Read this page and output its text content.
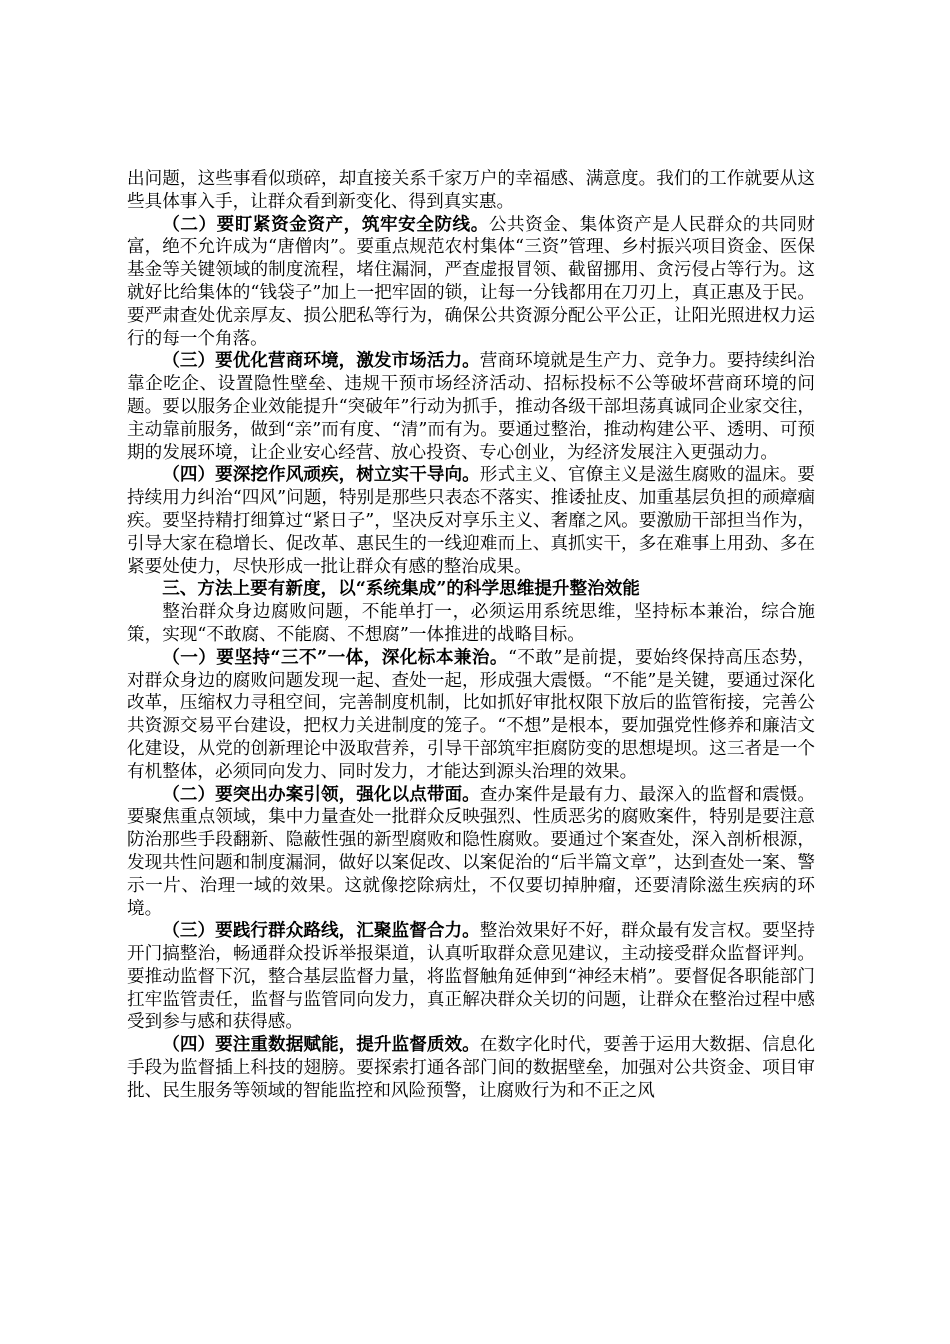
出问题，这些事看似琐碎，却直接关系千家万户的幸福感、满意度。我们的工作就要从这些具体事入手，让群众看到新变化、得到真实惠。

（二）要盯紧资金资产，筑牢安全防线。公共资金、集体资产是人民群众的共同财富，绝不允许成为“唐僧肉”。要重点规范农村集体“三资”管理、乡村振兴项目资金、医保基金等关键领域的制度流程，堵住漏洞，严查虚报冒领、截留挪用、贪污侵占等行为。这就好比给集体的“钱袋子”加上一把牢固的锁，让每一分钱都用在刀刃上，真正惠及于民。要严肃查处优亲厚友、损公肥私等行为，确保公共资源分配公平公正，让阳光照进权力运行的每一个角落。

（三）要优化营商环境，激发市场活力。营商环境就是生产力、竞争力。要持续纠治靠企吃企、设置隐性壁垒、违规干预市场经济活动、招标投标不公等破坏营商环境的问题。要以服务企业效能提升“突破年”行动为抓手，推动各级干部坦荡真诚同企业家交往，主动靠前服务，做到“亲”而有度、“清”而有为。要通过整治，推动构建公平、透明、可预期的发展环境，让企业安心经营、放心投资、专心创业，为经济发展注入更强动力。

（四）要深挖作风顽疾，树立实干导向。形式主义、官僚主义是滋生腐败的温床。要持续用力纠治“四风”问题，特别是那些只表态不落实、推诿扯皮、加重基层负担的顽瘴痼疾。要坚持精打细算过“紧日子”，坚决反对享乐主义、奢靡之风。要激励干部担当作为，引导大家在稳增长、促改革、惠民生的一线迎难而上、真抓实干，多在难事上用劲、多在紧要处使力，尽快形成一批让群众有感的整治成果。

三、方法上要有新度，以“系统集成”的科学思维提升整治效能

整治群众身边腐败问题，不能单打一，必须运用系统思维，坚持标本兼治，综合施策，实现“不敢腐、不能腐、不想腐”一体推进的战略目标。

（一）要坚持“三不”一体，深化标本兼治。“不敢”是前提，要始终保持高压态势，对群众身边的腐败问题发现一起、查处一起，形成强大震慑。“不能”是关键，要通过深化改革，压缩权力寻租空间，完善制度机制，比如抓好审批权限下放后的监管衔接，完善公共资源交易平台建设，把权力关进制度的笼子。“不想”是根本，要加强党性修养和廉洁文化建设，从党的创新理论中汲取营养，引导干部筑牢拒腐防变的思想堤坝。这三者是一个有机整体，必须同向发力、同时发力，才能达到源头治理的效果。

（二）要突出办案引领，强化以点带面。查办案件是最有力、最深入的监督和震慑。要聚焦重点领域，集中力量查处一批群众反映强烈、性质恶劣的腐败案件，特别是要注意防治那些手段翻新、隐蔽性强的新型腐败和隐性腐败。要通过个案查处，深入剖析根源，发现共性问题和制度漏洞，做好以案促改、以案促治的“后半篇文章”，达到查处一案、警示一片、治理一域的效果。这就像挖除病灶，不仅要切掉肿瘤，还要清除滋生疾病的环境。

（三）要践行群众路线，汇聚监督合力。整治效果好不好，群众最有发言权。要坚持开门搞整治，畅通群众投诉举报渠道，认真听取群众意见建议，主动接受群众监督评判。要推动监督下沉，整合基层监督力量，将监督触角延伸到“神经末梢”。要督促各职能部门扛牢监管责任，监督与监管同向发力，真正解决群众关切的问题，让群众在整治过程中感受到参与感和获得感。

（四）要注重数据赋能，提升监督质效。在数字化时代，要善于运用大数据、信息化手段为监督插上科技的翅膀。要探索打通各部门间的数据壁垒，加强对公共资金、项目审批、民生服务等领域的智能监控和风险预警，让腐败行为和不正之风
